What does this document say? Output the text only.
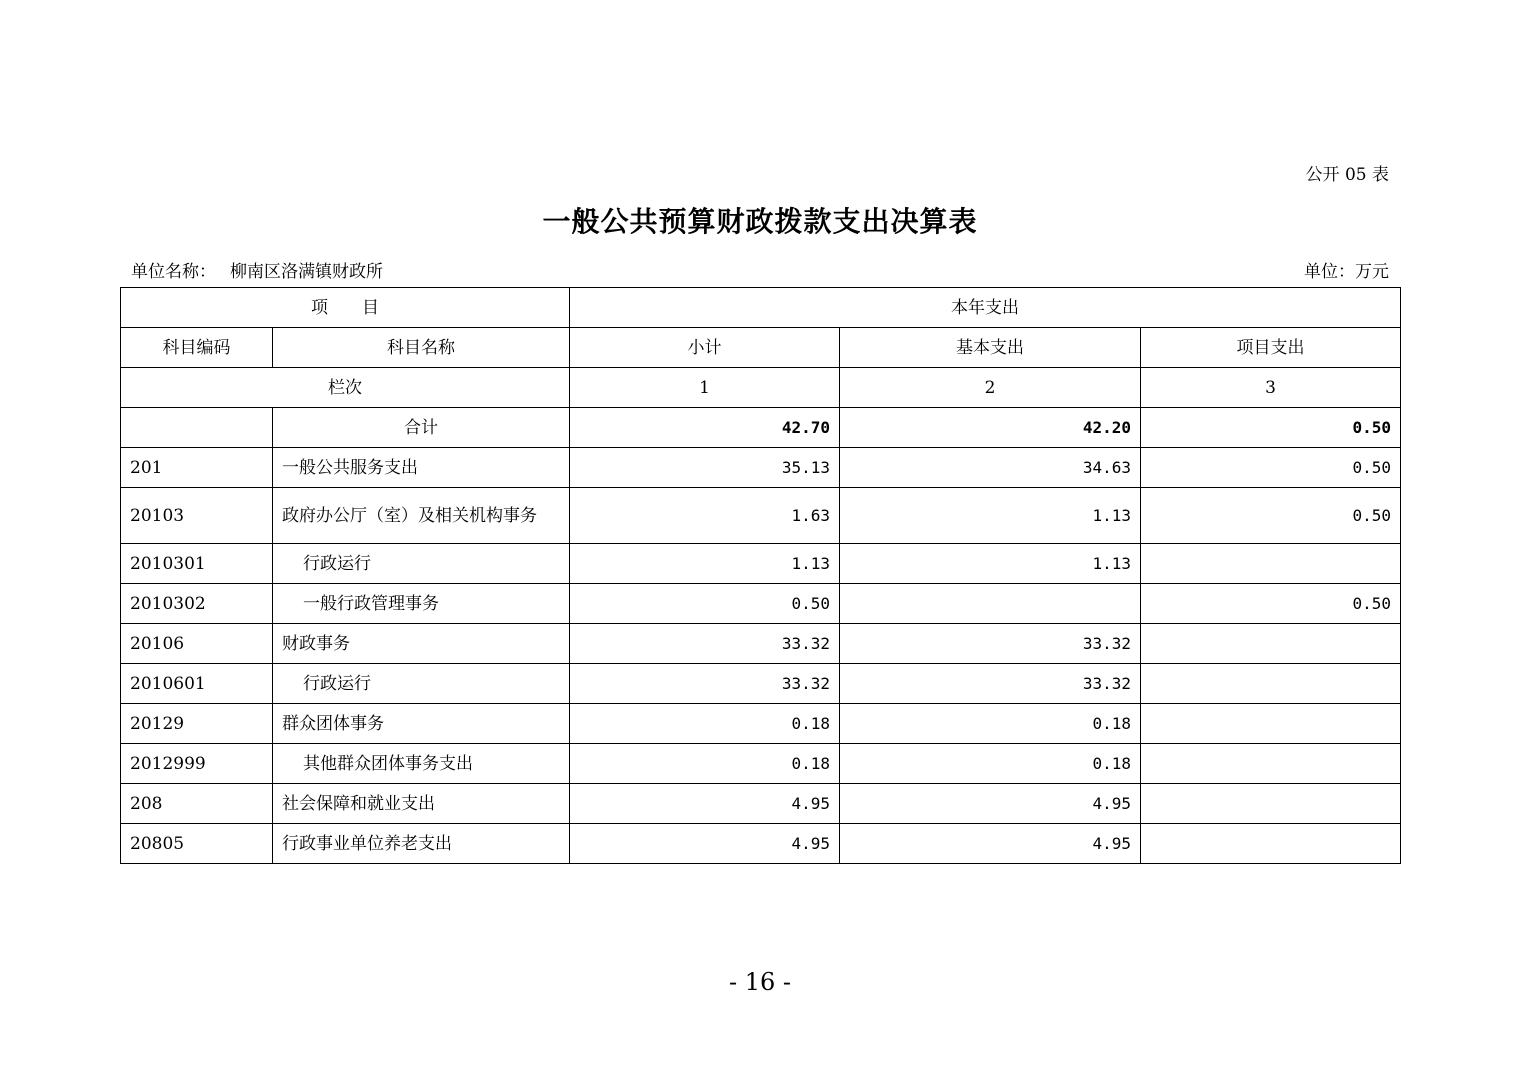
公开 05 表
一般公共预算财政拨款支出决算表
单位名称： 柳南区洛满镇财政所	单位：万元
项　　目		本年支出		
科目编码	科目名称	小计	基本支出	项目支出
栏次		1	2	3
	合计	42.70	42.20	0.50
201	一般公共服务支出	35.13	34.63	0.50
20103	政府办公厅（室）及相关机构事务	1.63	1.13	0.50
2010301	行政运行	1.13	1.13	
2010302	一般行政管理事务	0.50		0.50
20106	财政事务	33.32	33.32	
2010601	行政运行	33.32	33.32	
20129	群众团体事务	0.18	0.18	
2012999	其他群众团体事务支出	0.18	0.18	
208	社会保障和就业支出	4.95	4.95	
20805	行政事业单位养老支出	4.95	4.95	
- 16 -
